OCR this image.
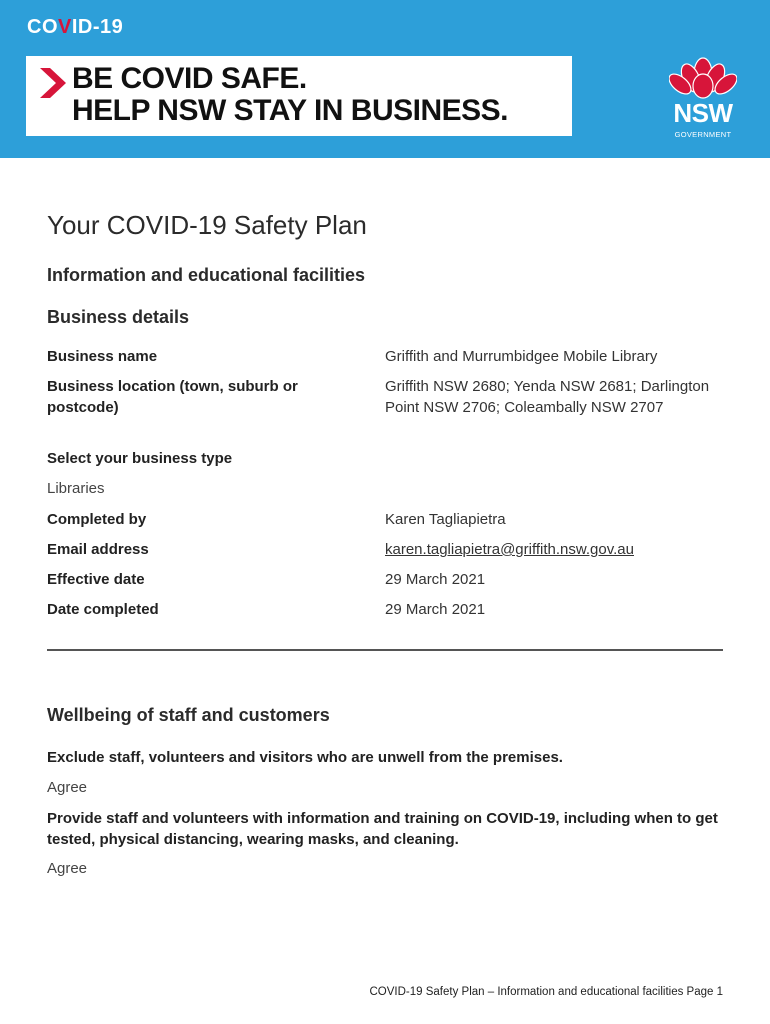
COVID-19
BE COVID SAFE.
HELP NSW STAY IN BUSINESS.	NSW
GOVERNMENT
Your COVID-19 Safety Plan
Information and educational facilities
Business details
Business name	Griffith and Murrumbidgee Mobile Library
Business location (town, suburb or postcode)
Griffith NSW 2680; Yenda NSW 2681; Darlington Point NSW 2706; Coleambally NSW 2707
Select your business type
Libraries
Completed by	Karen Tagliapietra
Email address	karen.tagliapietra@griffith.nsw.gov.au
Effective date	29 March 2021
Date completed	29 March 2021
Wellbeing of staff and customers
Exclude staff, volunteers and visitors who are unwell from the premises.
Agree
Provide staff and volunteers with information and training on COVID-19, including when to get tested, physical distancing, wearing masks, and cleaning.
Agree
COVID-19 Safety Plan – Information and educational facilities Page 1
